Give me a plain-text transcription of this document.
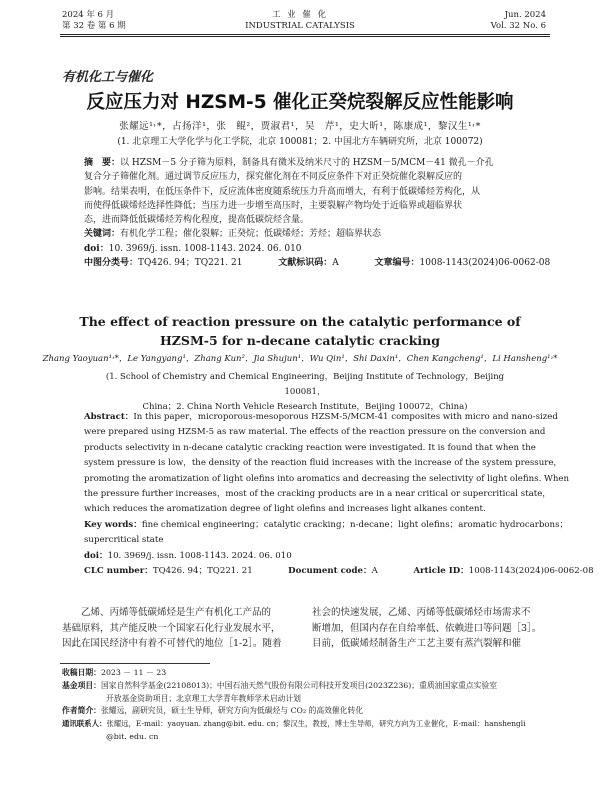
2024 年 6 月
第 32 卷 第 6 期
工 业 催 化
INDUSTRIAL CATALYSIS
Jun. 2024
Vol. 32 No. 6
有机化工与催化
反应压力对 HZSM-5 催化正癸烷裂解反应性能影响
张耀远¹˒*，占扬洋¹，张　鲲²，贾淑君¹，吴　芹¹，史大昕¹，陈康成¹，黎汉生¹˒*
(1. 北京理工大学化学与化工学院，北京 100081；2. 中国北方车辆研究所，北京 100072)
摘　要：以 HZSM－5 分子筛为原料，制备具有微米及纳米尺寸的 HZSM－5/MCM－41 微孔－介孔
复合分子筛催化剂。通过调节反应压力，探究催化剂在不同反应条件下对正癸烷催化裂解反应的
影响。结果表明，在低压条件下，反应流体密度随系统压力升高而增大，有利于低碳烯烃芳构化，从
而使得低碳烯烃选择性降低；当压力进一步增至高压时，主要裂解产物均处于近临界或超临界状
态，进而降低低碳烯烃芳构化程度，提高低碳烷烃含量。
关键词：有机化学工程；催化裂解；正癸烷；低碳烯烃；芳烃；超临界状态
doi：10. 3969/j. issn. 1008-1143. 2024. 06. 010
中图分类号：TQ426. 94；TQ221. 21	文献标识码：A	文章编号：1008-1143(2024)06-0062-08
The effect of reaction pressure on the catalytic performance of
HZSM-5 for n-decane catalytic cracking
Zhang Yaoyuan¹˒*，Le Yangyang¹，Zhang Kun²，Jia Shujun¹，Wu Qin¹，Shi Daxin¹，Chen Kangcheng¹，Li Hansheng¹˒*
(1. School of Chemistry and Chemical Engineering，Beijing Institute of Technology，Beijing 100081，
China；2. China North Vehicle Research Institute，Beijing 100072，China)
Abstract：In this paper，microporous-mesoporous HZSM-5/MCM-41 composites with micro and nano-sized
were prepared using HZSM-5 as raw material. The effects of the reaction pressure on the conversion and
products selectivity in n-decane catalytic cracking reaction were investigated. It is found that when the
system pressure is low，the density of the reaction fluid increases with the increase of the system pressure，
promoting the aromatization of light olefins into aromatics and decreasing the selectivity of light olefins. When
the pressure further increases，most of the cracking products are in a near critical or supercritical state，
which reduces the aromatization degree of light olefins and increases light alkanes content.
Key words：fine chemical engineering；catalytic cracking；n-decane；light olefins；aromatic hydrocarbons；
supercritical state
doi：10. 3969/j. issn. 1008-1143. 2024. 06. 010
CLC number：TQ426. 94；TQ221. 21	Document code：A	Article ID：1008-1143(2024)06-0062-08
乙烯、丙烯等低碳烯烃是生产有机化工产品的
基础原料，其产能反映一个国家石化行业发展水平，
因此在国民经济中有着不可替代的地位［1-2］。随着
社会的快速发展，乙烯、丙烯等低碳烯烃市场需求不
断增加，但国内存在自给率低、依赖进口等问题［3］。
目前，低碳烯烃制备生产工艺主要有蒸汽裂解和催
收稿日期：2023 － 11 － 23
基金项目：国家自然科学基金(22108013)；中国石油天然气股份有限公司科技开发项目(2023Z236)；重质油国家重点实验室
开放基金资助项目；北京理工大学青年教师学术启动计划
作者简介：张耀远，副研究员，硕士生导师，研究方向为低碳烃与 CO₂ 的高效催化转化
通讯联系人：张耀远，E-mail：yaoyuan. zhang@bit. edu. cn；黎汉生，教授，博士生导师，研究方向为工业催化，E-mail：hanshengli
@bit. edu. cn
